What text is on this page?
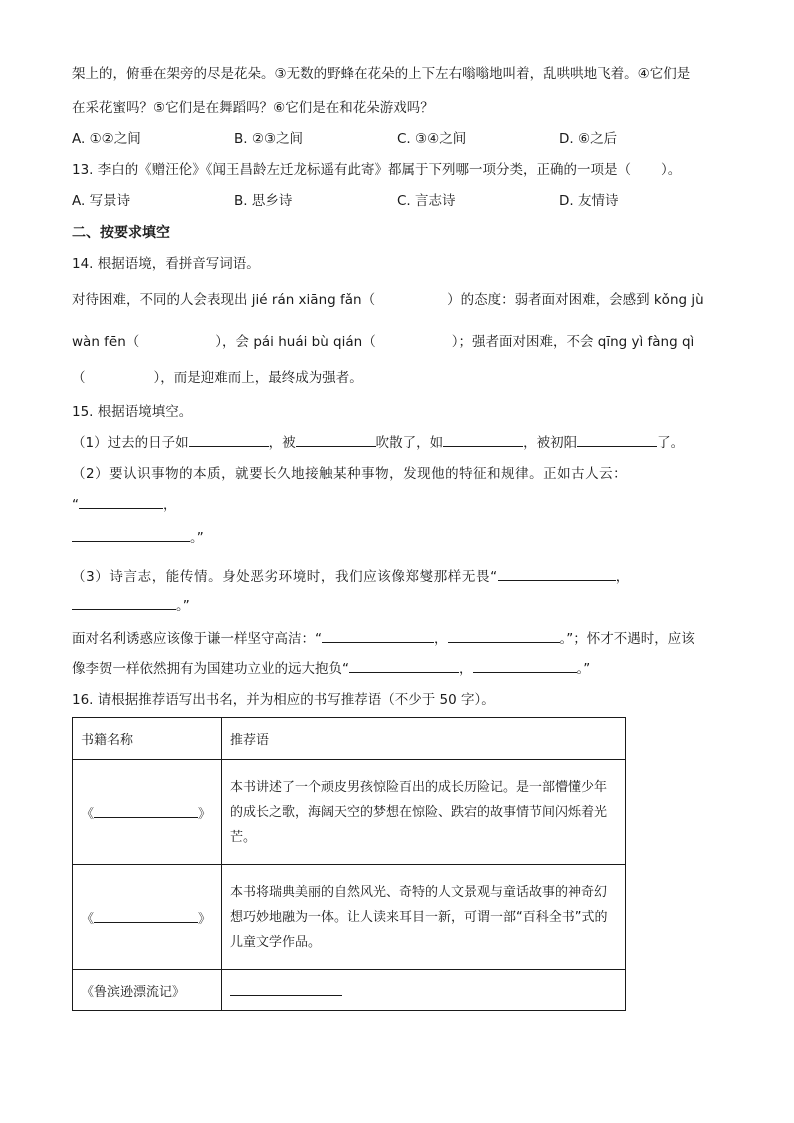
架上的，俯垂在架旁的尽是花朵。③无数的野蜂在花朵的上下左右嗡嗡地叫着，乱哄哄地飞着。④它们是
在采花蜜吗？⑤它们是在舞蹈吗？⑥它们是在和花朵游戏吗？
A. ①②之间	B. ②③之间	C. ③④之间	D. ⑥之后
13. 李白的《赠汪伦》《闻王昌龄左迁龙标遥有此寄》都属于下列哪一项分类，正确的一项是（ ）。
A. 写景诗	B. 思乡诗	C. 言志诗	D. 友情诗
二、按要求填空
14. 根据语境，看拼音写词语。
对待困难，不同的人会表现出 jié rán xiāng fǎn（	）的态度：弱者面对困难，会感到 kǒng jù
wàn fēn（	），会 pái huái bù qián（	）；强者面对困难，不会 qīng yì fàng qì
（	），而是迎难而上，最终成为强者。
15. 根据语境填空。
（1）过去的日子如	，被	吹散了，如	，被初阳	了。
（2）要认识事物的本质，就要长久地接触某种事物，发现他的特征和规律。正如古人云：
“	，
。”
（3）诗言志，能传情。身处恶劣环境时，我们应该像郑燮那样无畏“	，
。”
面对名利诱惑应该像于谦一样坚守高洁：“	，	。”；怀才不遇时，应该
像李贺一样依然拥有为国建功立业的远大抱负“	，	。”
16. 请根据推荐语写出书名，并为相应的书写推荐语（不少于 50 字）。
书籍名称	推荐语
《 》	本书讲述了一个顽皮男孩惊险百出的成长历险记。是一部懵懂少年的成长之歌，海阔天空的梦想在惊险、跌宕的故事情节间闪烁着光芒。

《 》	本书将瑞典美丽的自然风光、奇特的人文景观与童话故事的神奇幻想巧妙地融为一体。让人读来耳目一新，可谓一部“百科全书”式的儿童文学作品。

《鲁滨逊漂流记》	
